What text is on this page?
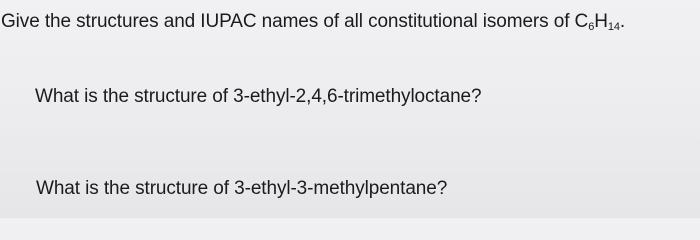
Give the structures and IUPAC names of all constitutional isomers of $C_6H_{14}$.
What is the structure of 3-ethyl-2,4,6-trimethyloctane?
What is the structure of 3-ethyl-3-methylpentane?
